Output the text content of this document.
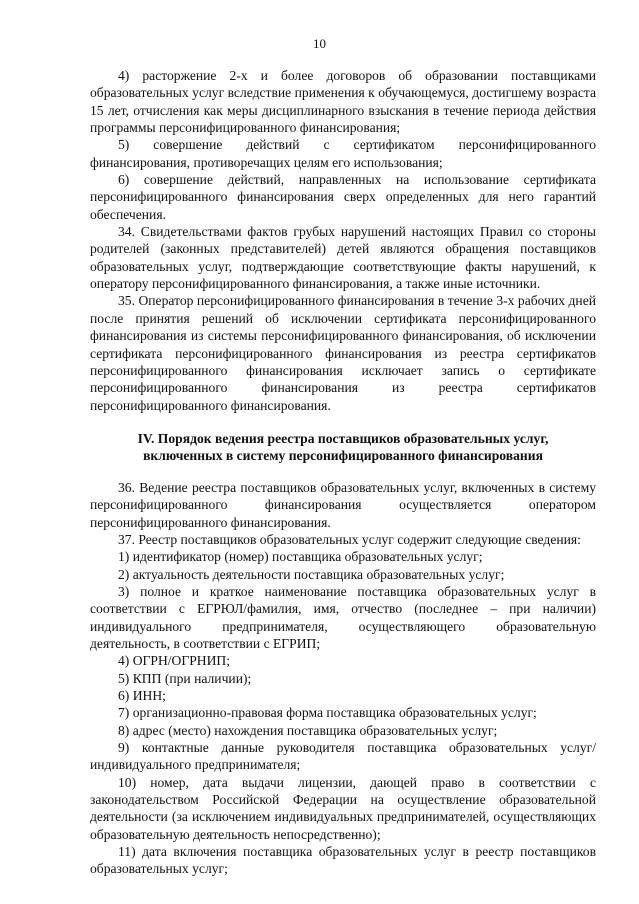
10

4) расторжение 2-х и более договоров об образовании поставщиками образовательных услуг вследствие применения к обучающемуся, достигшему возраста 15 лет, отчисления как меры дисциплинарного взыскания в течение периода действия программы персонифицированного финансирования;

5) совершение действий с сертификатом персонифицированного финансирования, противоречащих целям его использования;

6) совершение действий, направленных на использование сертификата персонифицированного финансирования сверх определенных для него гарантий обеспечения.

34. Свидетельствами фактов грубых нарушений настоящих Правил со стороны родителей (законных представителей) детей являются обращения поставщиков образовательных услуг, подтверждающие соответствующие факты нарушений, к оператору персонифицированного финансирования, а также иные источники.

35. Оператор персонифицированного финансирования в течение 3-х рабочих дней после принятия решений об исключении сертификата персонифицированного финансирования из системы персонифицированного финансирования, об исключении сертификата персонифицированного финансирования из реестра сертификатов персонифицированного финансирования исключает запись о сертификате персонифицированного финансирования из реестра сертификатов персонифицированного финансирования.

IV. Порядок ведения реестра поставщиков образовательных услуг,
включенных в систему персонифицированного финансирования

36. Ведение реестра поставщиков образовательных услуг, включенных в систему персонифицированного финансирования осуществляется оператором персонифицированного финансирования.

37. Реестр поставщиков образовательных услуг содержит следующие сведения:

1) идентификатор (номер) поставщика образовательных услуг;

2) актуальность деятельности поставщика образовательных услуг;

3) полное и краткое наименование поставщика образовательных услуг в соответствии с ЕГРЮЛ/фамилия, имя, отчество (последнее – при наличии) индивидуального предпринимателя, осуществляющего образовательную деятельность, в соответствии с ЕГРИП;

4) ОГРН/ОГРНИП;

5) КПП (при наличии);

6) ИНН;

7) организационно-правовая форма поставщика образовательных услуг;

8) адрес (место) нахождения поставщика образовательных услуг;

9) контактные данные руководителя поставщика образовательных услуг/ индивидуального предпринимателя;

10) номер, дата выдачи лицензии, дающей право в соответствии с законодательством Российской Федерации на осуществление образовательной деятельности (за исключением индивидуальных предпринимателей, осуществляющих образовательную деятельность непосредственно);

11) дата включения поставщика образовательных услуг в реестр поставщиков образовательных услуг;
